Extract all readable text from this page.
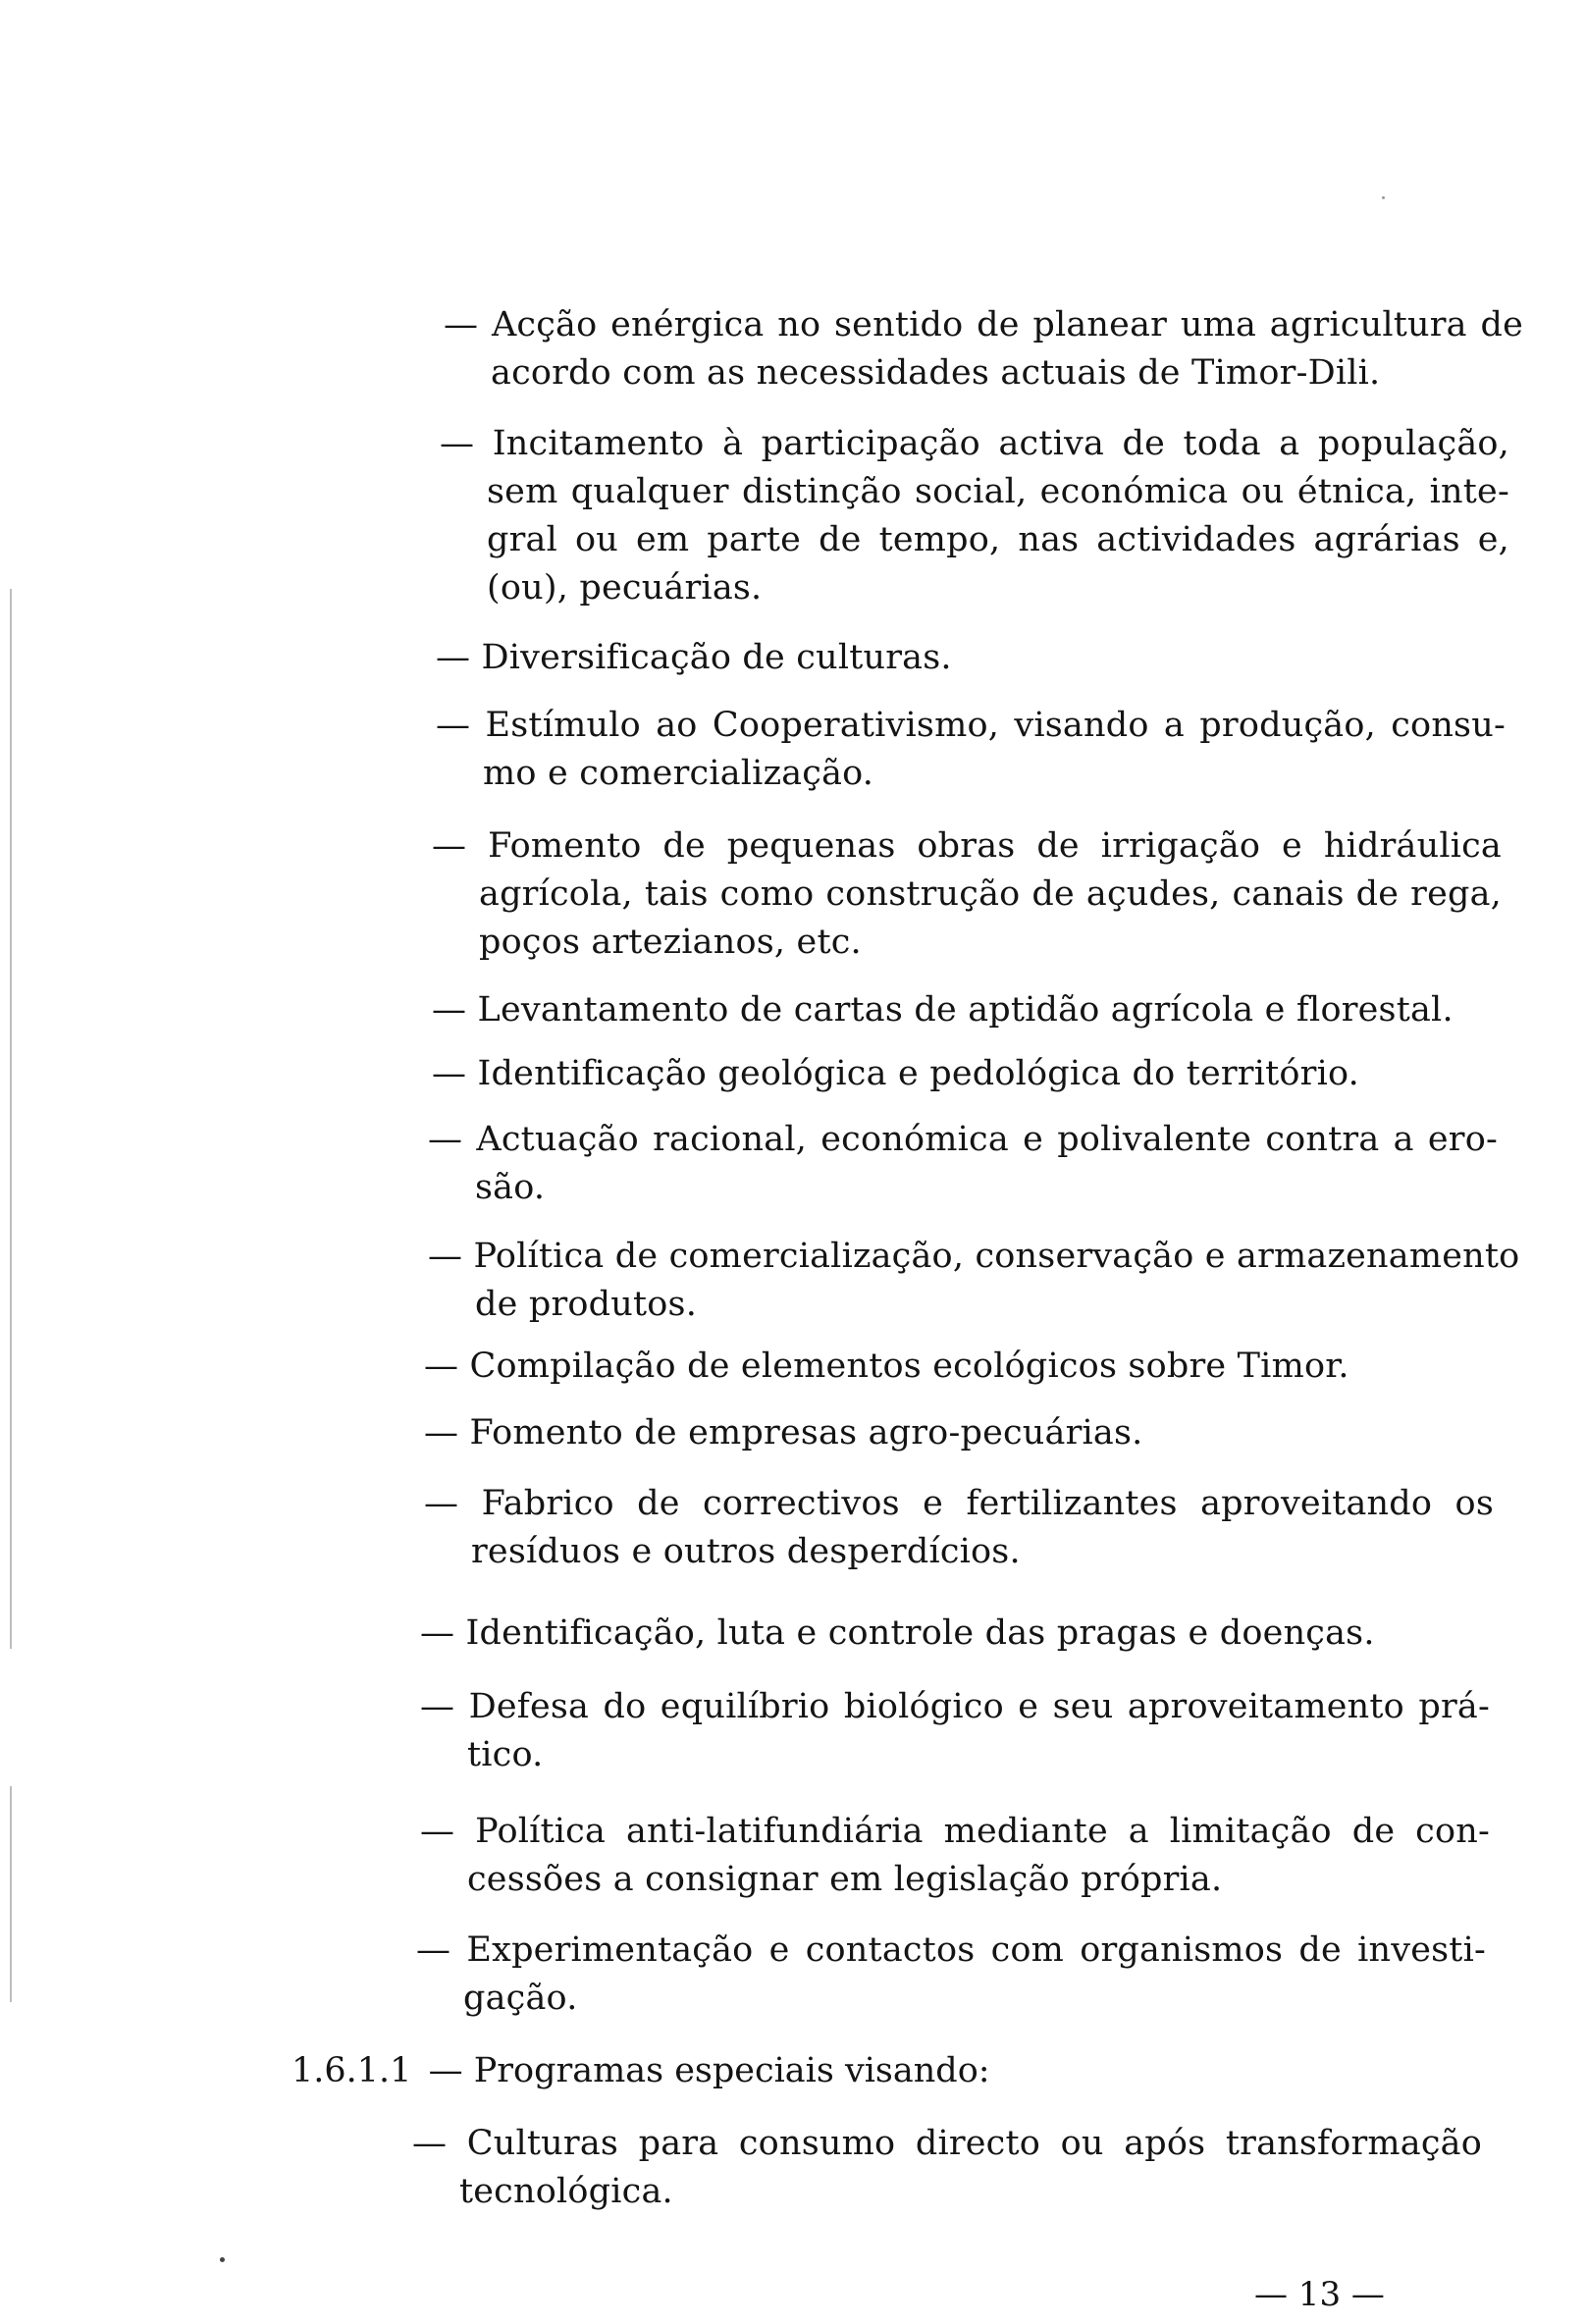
— Acção enérgica no sentido de planear uma agricultura de
acordo com as necessidades actuais de Timor-Dili.
— Incitamento à participação activa de toda a população,
sem qualquer distinção social, económica ou étnica, inte-
gral ou em parte de tempo, nas actividades agrárias e,
(ou), pecuárias.
— Diversificação de culturas.
— Estímulo ao Cooperativismo, visando a produção, consu-
mo e comercialização.
— Fomento de pequenas obras de irrigação e hidráulica
agrícola, tais como construção de açudes, canais de rega,
poços artezianos, etc.
— Levantamento de cartas de aptidão agrícola e florestal.
— Identificação geológica e pedológica do território.
— Actuação racional, económica e polivalente contra a ero-
são.
— Política de comercialização, conservação e armazenamento
de produtos.
— Compilação de elementos ecológicos sobre Timor.
— Fomento de empresas agro-pecuárias.
— Fabrico de correctivos e fertilizantes aproveitando os
resíduos e outros desperdícios.
— Identificação, luta e controle das pragas e doenças.
— Defesa do equilíbrio biológico e seu aproveitamento prá-
tico.
— Política anti-latifundiária mediante a limitação de con-
cessões a consignar em legislação própria.
— Experimentação e contactos com organismos de investi-
gação.
1.6.1.1 — Programas especiais visando:
— Culturas para consumo directo ou após transformação
tecnológica.
— 13 —
